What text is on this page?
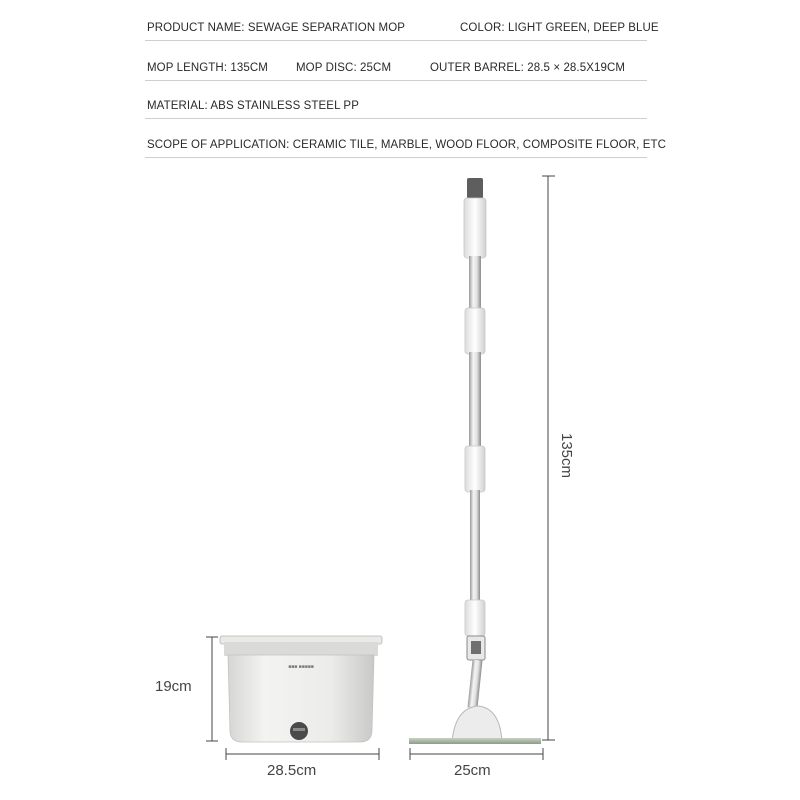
PRODUCT NAME: SEWAGE SEPARATION MOP	COLOR: LIGHT GREEN, DEEP BLUE
MOP LENGTH: 135CM MOP DISC: 25CM	OUTER BARREL: 28.5 × 28.5X19CM
MATERIAL: ABS STAINLESS STEEL PP
SCOPE OF APPLICATION: CERAMIC TILE, MARBLE, WOOD FLOOR, COMPOSITE FLOOR, ETC
■■■ ■■■■■
19cm
28.5cm	25cm
135cm
